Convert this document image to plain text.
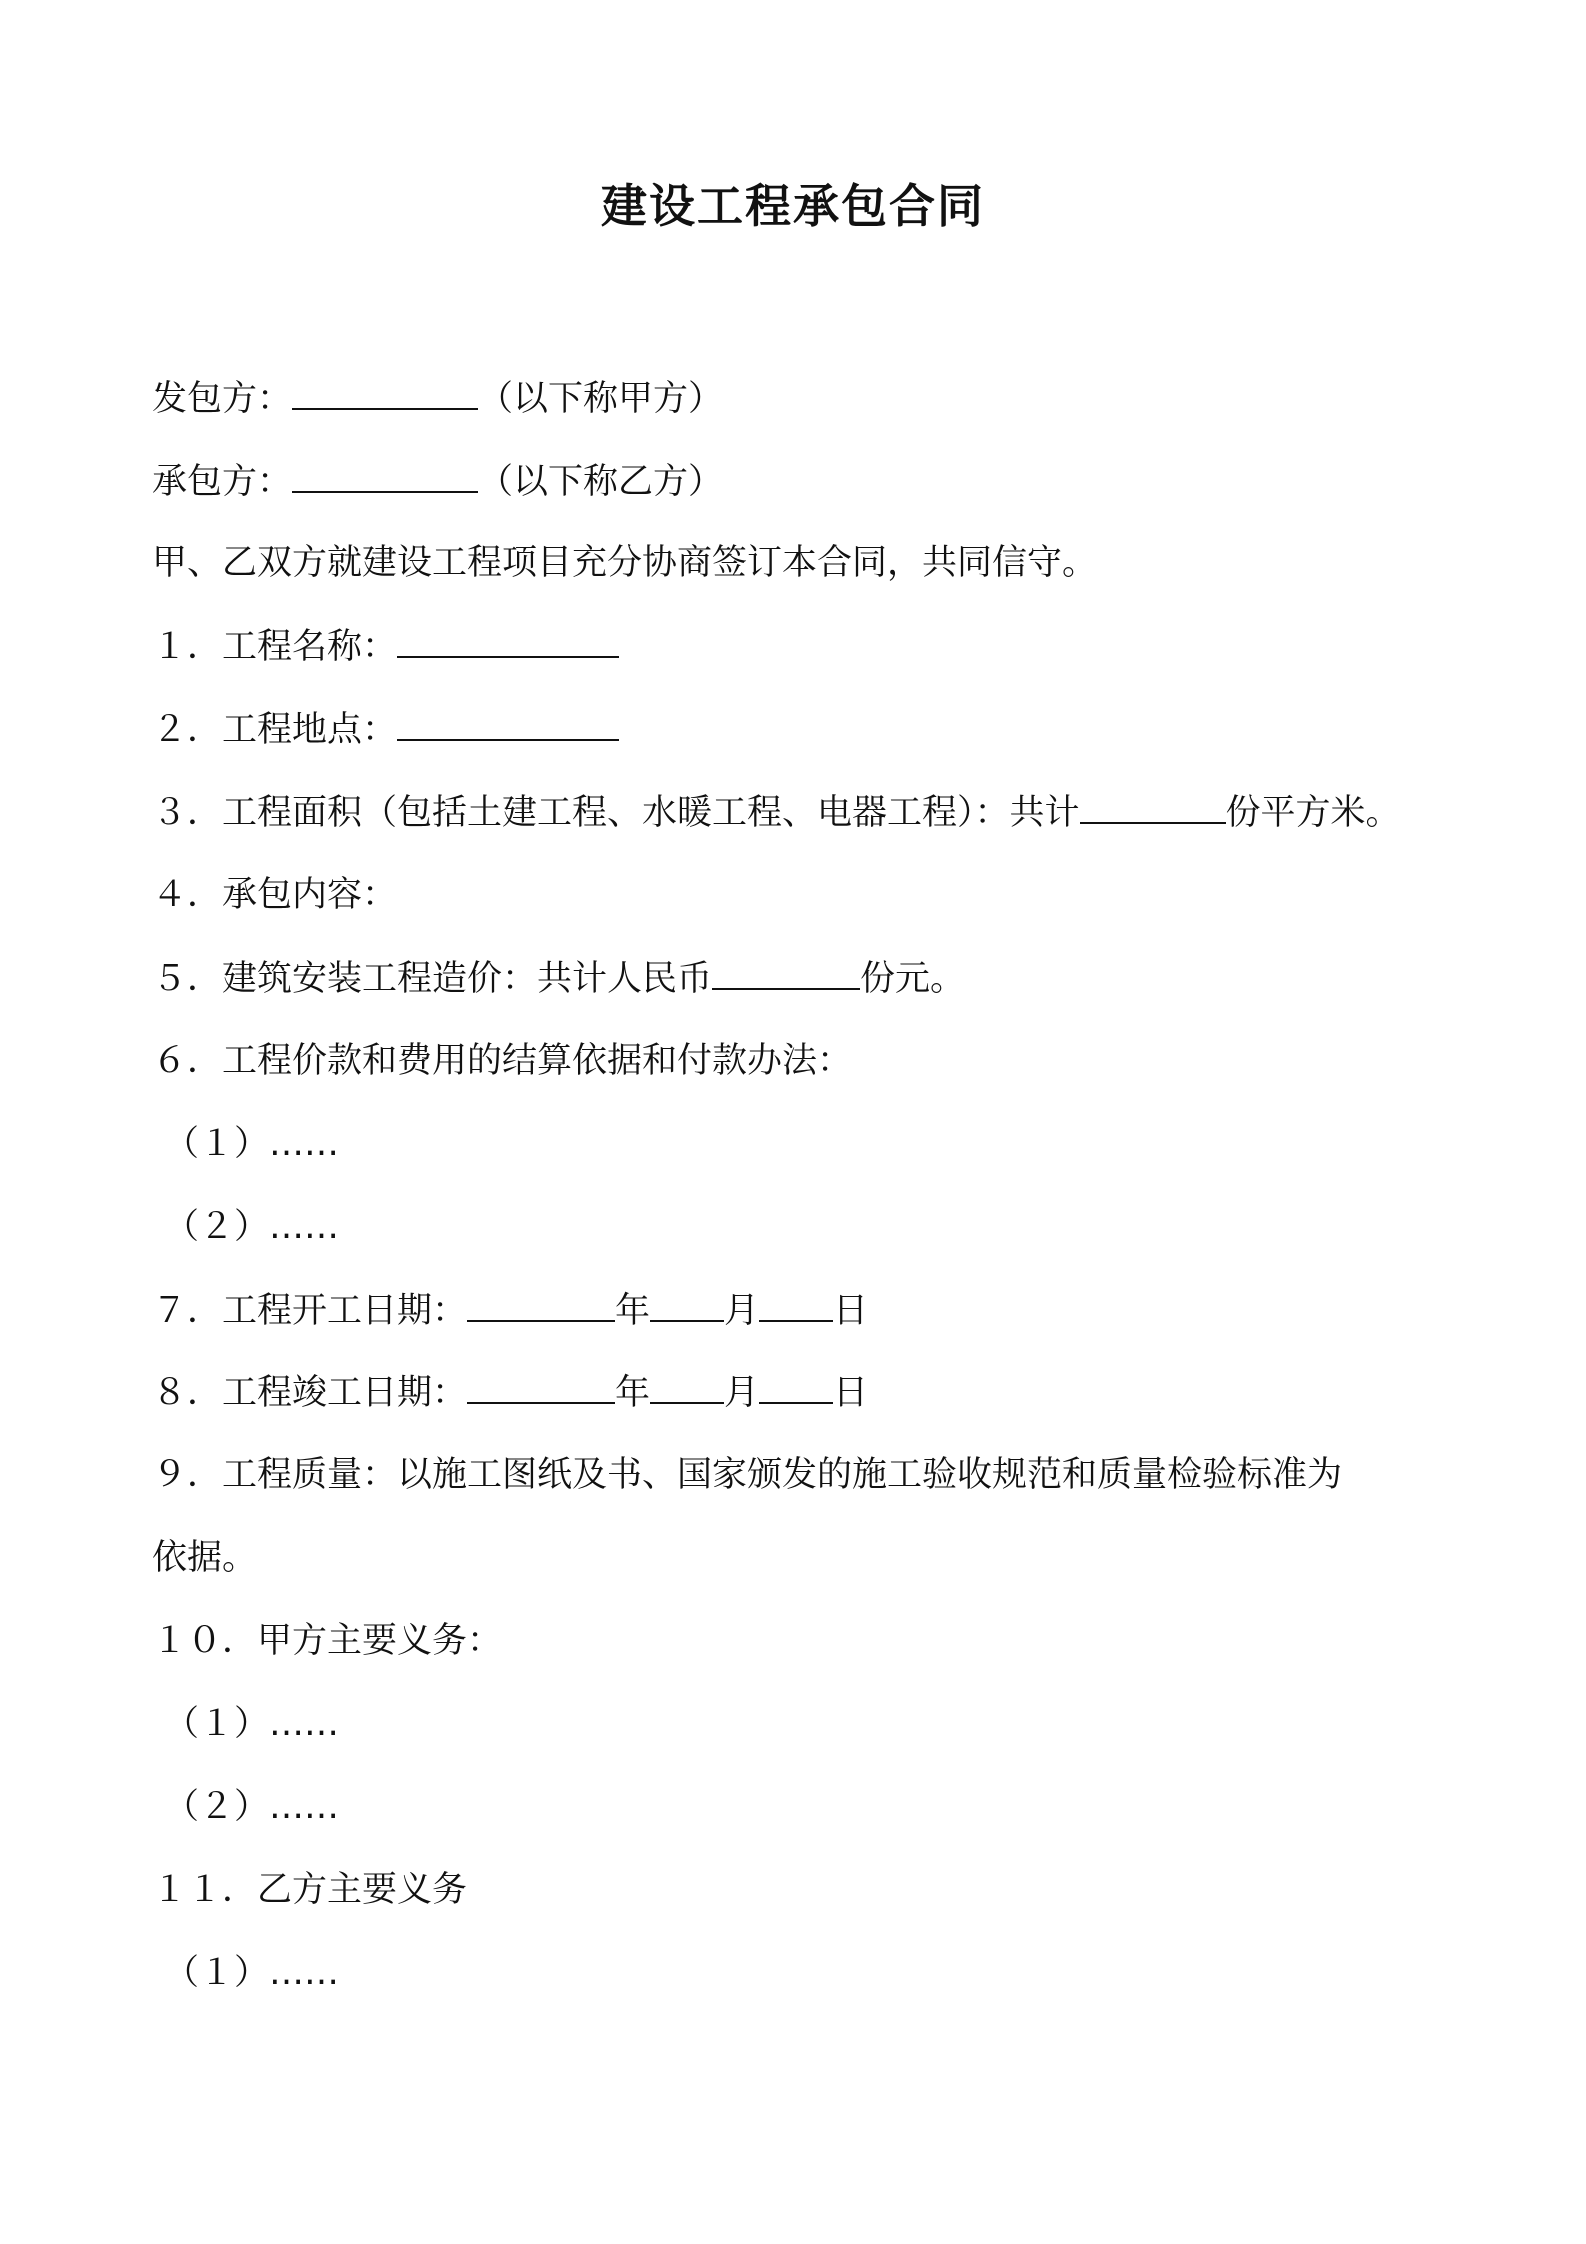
建设工程承包合同
发包方：	（以下称甲方）
承包方：	（以下称乙方）
甲、乙双方就建设工程项目充分协商签订本合同，共同信守。
１．工程名称：
２．工程地点：
３．工程面积（包括土建工程、水暖工程、电器工程）：共计	份平方米。
４．承包内容：
５．建筑安装工程造价：共计人民币	份元。
６．工程价款和费用的结算依据和付款办法：
（１）……
（２）……
７．工程开工日期：	年 月 日
８．工程竣工日期：	年 月 日
９．工程质量：以施工图纸及书、国家颁发的施工验收规范和质量检验标准为
依据。
１０．甲方主要义务：
（１）……
（２）……
１１．乙方主要义务
（１）……
